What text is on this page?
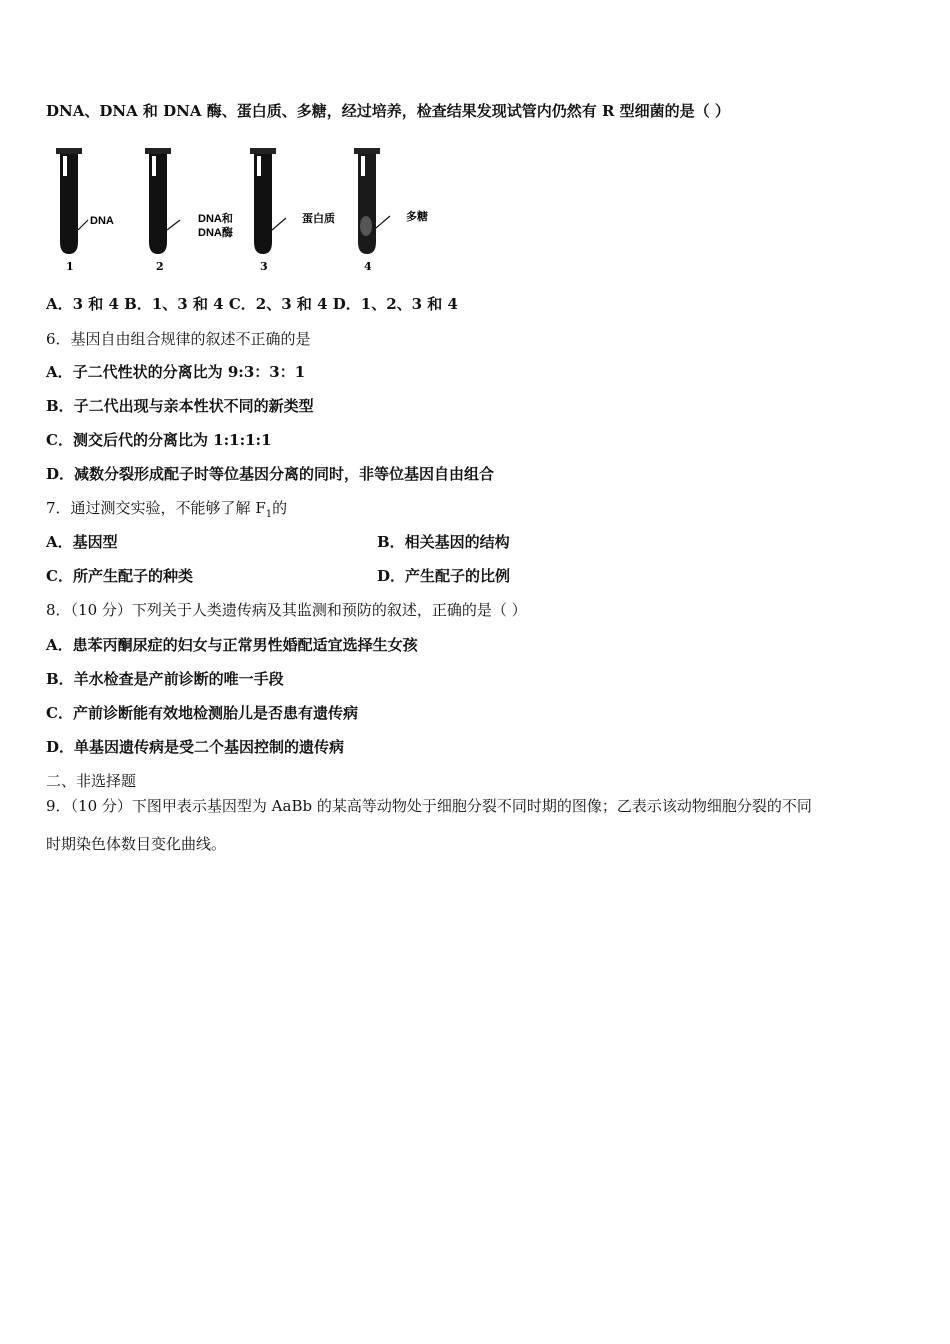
DNA、DNA 和 DNA 酶、蛋白质、多糖，经过培养，检查结果发现试管内仍然有 R 型细菌的是（ ）
DNA
1
DNA和
DNA酶
2
蛋白质
3
多糖
4
A．3 和 4 B．1、3 和 4 C．2、3 和 4 D．1、2、3 和 4
6．基因自由组合规律的叙述不正确的是
A．子二代性状的分离比为 9:3：3：1
B．子二代出现与亲本性状不同的新类型
C．测交后代的分离比为 1:1:1:1
D．减数分裂形成配子时等位基因分离的同时，非等位基因自由组合
7．通过测交实验，不能够了解 $F_1$的
A．基因型	B．相关基因的结构
C．所产生配子的种类	D．产生配子的比例
8．（10 分）下列关于人类遗传病及其监测和预防的叙述，正确的是（ ）
A．患苯丙酮尿症的妇女与正常男性婚配适宜选择生女孩
B．羊水检查是产前诊断的唯一手段
C．产前诊断能有效地检测胎儿是否患有遗传病
D．单基因遗传病是受二个基因控制的遗传病
二、非选择题
9．（10 分）下图甲表示基因型为 AaBb 的某高等动物处于细胞分裂不同时期的图像；乙表示该动物细胞分裂的不同
时期染色体数目变化曲线。
